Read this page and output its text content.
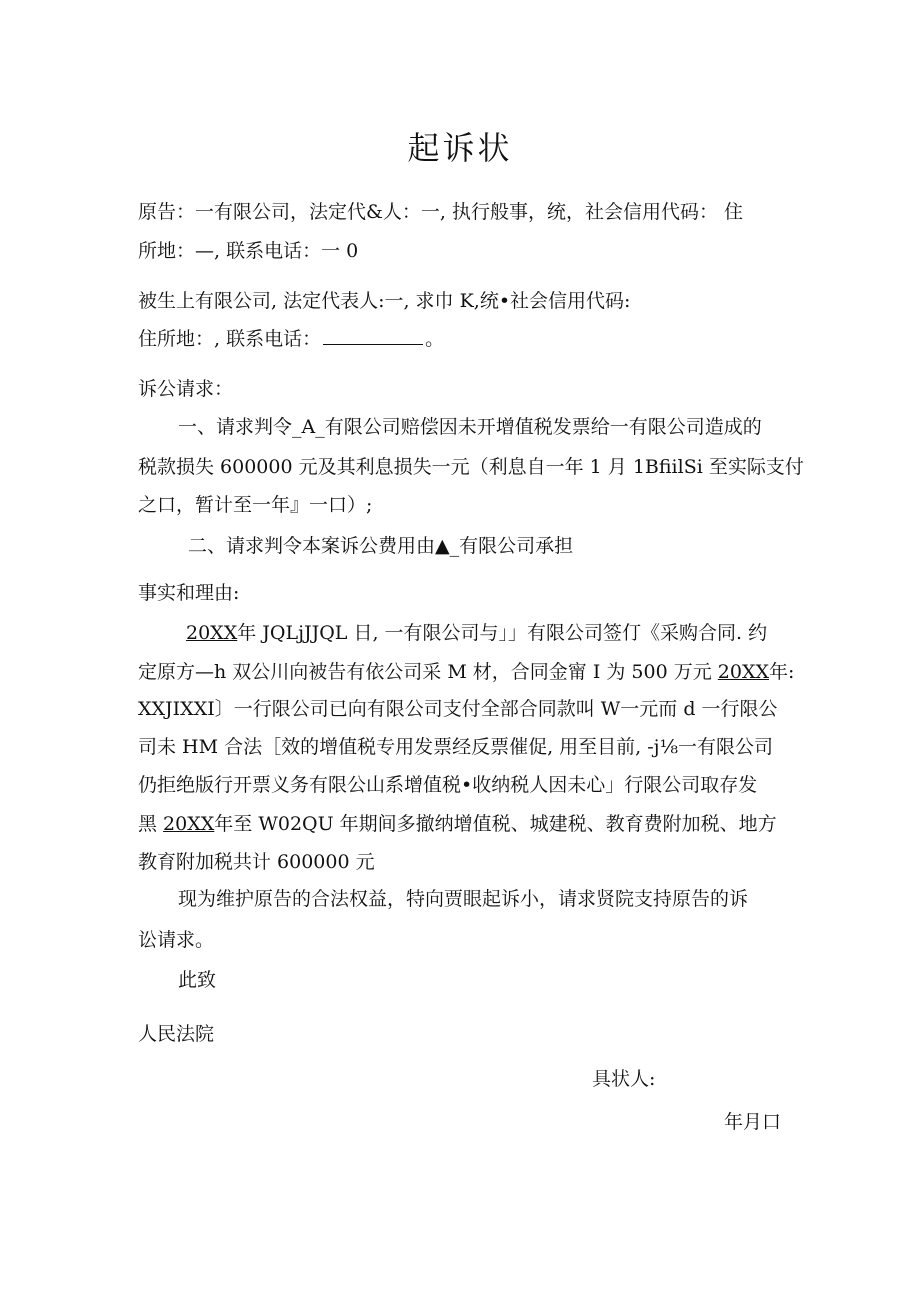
起诉状
原告：一有限公司，法定代&人：一, 执行般事，统，社会信用代码： 住
所地：—, 联系电话：一 0
被生上有限公司, 法定代表人:一, 求巾 K,统•社会信用代码:
住所地：, 联系电话：	。
诉公请求：
一、请求判令_A_有限公司赔偿因未开增值税发票给一有限公司造成的
税款损失 600000 元及其利息损失一元（利息自一年 1 月 1BfiilSi 至实际支付
之口，暂计至一年』一口）;
二、请求判令本案诉公费用由▲_有限公司承担
事实和理由:
20XX年 JQLjJJQL 日, 一有限公司与」」有限公司签仃《采购合同. 约
定原方—h 双公川向被告有依公司采 M 材，合同金甯 I 为 500 万元 20XX年:
XXJIXXI〕一行限公司已向有限公司支付全部合同款叫 W一元而 d 一行限公
司未 HM 合法［效的增值税专用发票经反票催促, 用至目前, -j⅛一有限公司
仍拒绝版行开票义务有限公山系增值税•收纳税人因未心」行限公司取存发
黑 20XX年至 W02QU 年期间多撤纳增值税、城建税、教育费附加税、地方
教育附加税共计 600000 元
现为维护原告的合法权益，特向贾眼起诉小，请求贤院支持原告的诉
讼请求。
此致
人民法院
具状人:
年月口
